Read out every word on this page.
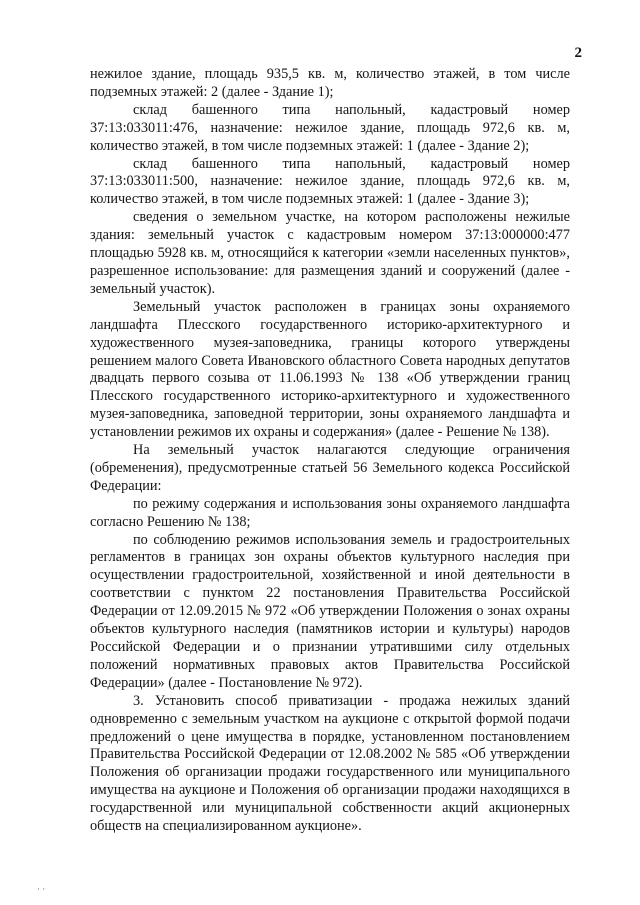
2

нежилое здание, площадь 935,5 кв. м, количество этажей, в том числе подземных этажей: 2 (далее - Здание 1);

склад башенного типа напольный, кадастровый номер 37:13:033011:476, назначение: нежилое здание, площадь 972,6 кв. м, количество этажей, в том числе подземных этажей: 1 (далее - Здание 2);

склад башенного типа напольный, кадастровый номер 37:13:033011:500, назначение: нежилое здание, площадь 972,6 кв. м, количество этажей, в том числе подземных этажей: 1 (далее - Здание 3);

сведения о земельном участке, на котором расположены нежилые здания: земельный участок с кадастровым номером 37:13:000000:477 площадью 5928 кв. м, относящийся к категории «земли населенных пунктов», разрешенное использование: для размещения зданий и сооружений (далее - земельный участок).

Земельный участок расположен в границах зоны охраняемого ландшафта Плесского государственного историко-архитектурного и художественного музея-заповедника, границы которого утверждены решением малого Совета Ивановского областного Совета народных депутатов двадцать первого созыва от 11.06.1993 № 138 «Об утверждении границ Плесского государственного историко-архитектурного и художественного музея-заповедника, заповедной территории, зоны охраняемого ландшафта и установлении режимов их охраны и содержания» (далее - Решение № 138).

На земельный участок налагаются следующие ограничения (обременения), предусмотренные статьей 56 Земельного кодекса Российской Федерации:

по режиму содержания и использования зоны охраняемого ландшафта согласно Решению № 138;

по соблюдению режимов использования земель и градостроительных регламентов в границах зон охраны объектов культурного наследия при осуществлении градостроительной, хозяйственной и иной деятельности в соответствии с пунктом 22 постановления Правительства Российской Федерации от 12.09.2015 № 972 «Об утверждении Положения о зонах охраны объектов культурного наследия (памятников истории и культуры) народов Российской Федерации и о признании утратившими силу отдельных положений нормативных правовых актов Правительства Российской Федерации» (далее - Постановление № 972).

3. Установить способ приватизации - продажа нежилых зданий одновременно с земельным участком на аукционе с открытой формой подачи предложений о цене имущества в порядке, установленном постановлением Правительства Российской Федерации от 12.08.2002 № 585 «Об утверждении Положения об организации продажи государственного или муниципального имущества на аукционе и Положения об организации продажи находящихся в государственной или муниципальной собственности акций акционерных обществ на специализированном аукционе».

· ·
